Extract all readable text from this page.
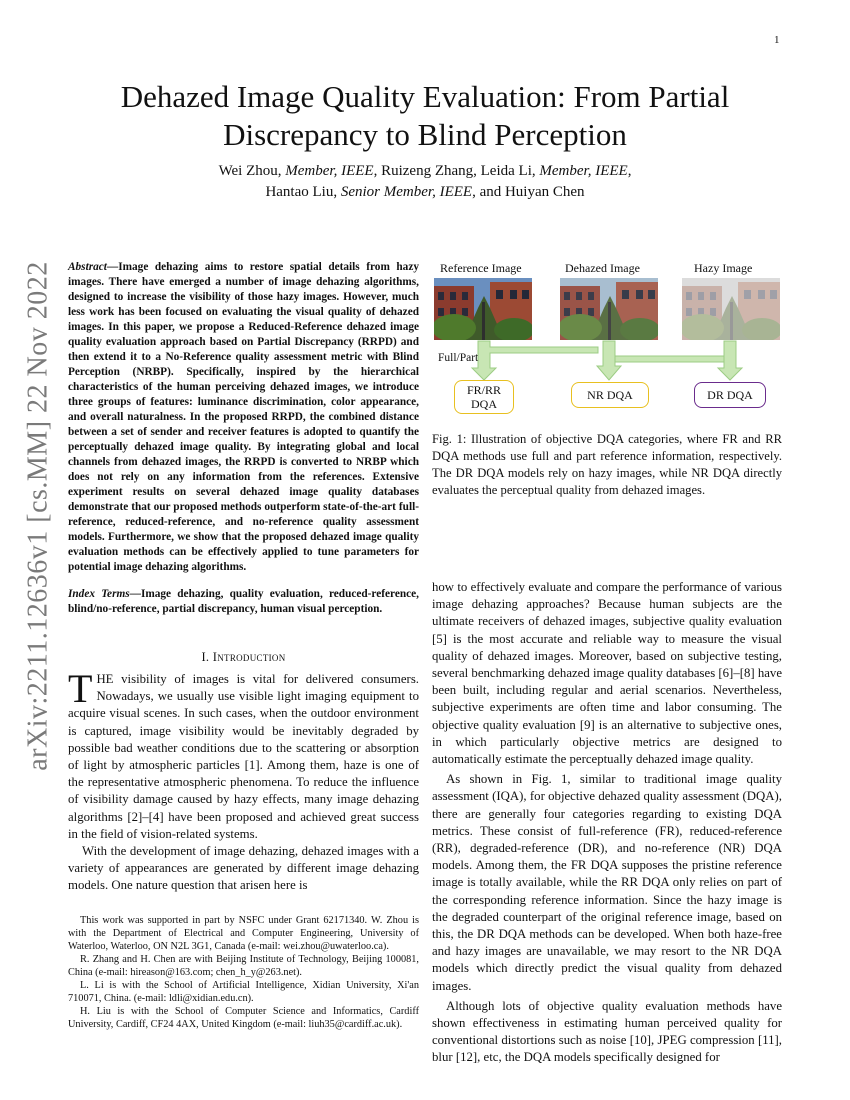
1
arXiv:2211.12636v1 [cs.MM] 22 Nov 2022
Dehazed Image Quality Evaluation: From Partial Discrepancy to Blind Perception
Wei Zhou, Member, IEEE, Ruizeng Zhang, Leida Li, Member, IEEE,
Hantao Liu, Senior Member, IEEE, and Huiyan Chen
Abstract—Image dehazing aims to restore spatial details from hazy images. There have emerged a number of image dehazing algorithms, designed to increase the visibility of those hazy images. However, much less work has been focused on evaluating the visual quality of dehazed images. In this paper, we propose a Reduced-Reference dehazed image quality evaluation approach based on Partial Discrepancy (RRPD) and then extend it to a No-Reference quality assessment metric with Blind Perception (NRBP). Specifically, inspired by the hierarchical characteristics of the human perceiving dehazed images, we introduce three groups of features: luminance discrimination, color appearance, and overall naturalness. In the proposed RRPD, the combined distance between a set of sender and receiver features is adopted to quantify the perceptually dehazed image quality. By integrating global and local channels from dehazed images, the RRPD is converted to NRBP which does not rely on any information from the references. Extensive experiment results on several dehazed image quality databases demonstrate that our proposed methods outperform state-of-the-art full-reference, reduced-reference, and no-reference quality assessment models. Furthermore, we show that the proposed dehazed image quality evaluation methods can be effectively applied to tune parameters for potential image dehazing algorithms.
Index Terms—Image dehazing, quality evaluation, reduced-reference, blind/no-reference, partial discrepancy, human visual perception.
I. Introduction

THE visibility of images is vital for delivered consumers. Nowadays, we usually use visible light imaging equipment to acquire visual scenes. In such cases, when the outdoor environment is captured, image visibility would be inevitably degraded by possible bad weather conditions due to the scattering or absorption of light by atmospheric particles [1]. Among them, haze is one of the representative atmospheric phenomena. To reduce the influence of visibility damage caused by hazy effects, many image dehazing algorithms [2]–[4] have been proposed and achieved great success in the field of vision-related systems.

With the development of image dehazing, dehazed images with a variety of appearances are generated by different image dehazing models. One nature question that arisen here is

This work was supported in part by NSFC under Grant 62171340. W. Zhou is with the Department of Electrical and Computer Engineering, University of Waterloo, Waterloo, ON N2L 3G1, Canada (e-mail: wei.zhou@uwaterloo.ca).

R. Zhang and H. Chen are with Beijing Institute of Technology, Beijing 100081, China (e-mail: hireason@163.com; chen_h_y@263.net).

L. Li is with the School of Artificial Intelligence, Xidian University, Xi'an 710071, China. (e-mail: ldli@xidian.edu.cn).

H. Liu is with the School of Computer Science and Informatics, Cardiff University, Cardiff, CF24 4AX, United Kingdom (e-mail: liuh35@cardiff.ac.uk).

Reference Image	Dehazed Image	Hazy Image
Full/Part
FR/RR DQA
NR DQA	DR DQA
Fig. 1: Illustration of objective DQA categories, where FR and RR DQA methods use full and part reference information, respectively. The DR DQA models rely on hazy images, while NR DQA directly evaluates the perceptual quality from dehazed images.

how to effectively evaluate and compare the performance of various image dehazing approaches? Because human subjects are the ultimate receivers of dehazed images, subjective quality evaluation [5] is the most accurate and reliable way to measure the visual quality of dehazed images. Moreover, based on subjective testing, several benchmarking dehazed image quality databases [6]–[8] have been built, including regular and aerial scenarios. Nevertheless, subjective experiments are often time and labor consuming. The objective quality evaluation [9] is an alternative to subjective ones, in which particularly objective metrics are designed to automatically estimate the perceptually dehazed image quality.

As shown in Fig. 1, similar to traditional image quality assessment (IQA), for objective dehazed quality assessment (DQA), there are generally four categories regarding to existing DQA metrics. These consist of full-reference (FR), reduced-reference (RR), degraded-reference (DR), and no-reference (NR) DQA models. Among them, the FR DQA supposes the pristine reference image is totally available, while the RR DQA only relies on part of the corresponding reference information. Since the hazy image is the degraded counterpart of the original reference image, based on this, the DR DQA methods can be developed. When both haze-free and hazy images are unavailable, we may resort to the NR DQA models which directly predict the visual quality from dehazed images.

Although lots of objective quality evaluation methods have shown effectiveness in estimating human perceived quality for conventional distortions such as noise [10], JPEG compression [11], blur [12], etc, the DQA models specifically designed for
